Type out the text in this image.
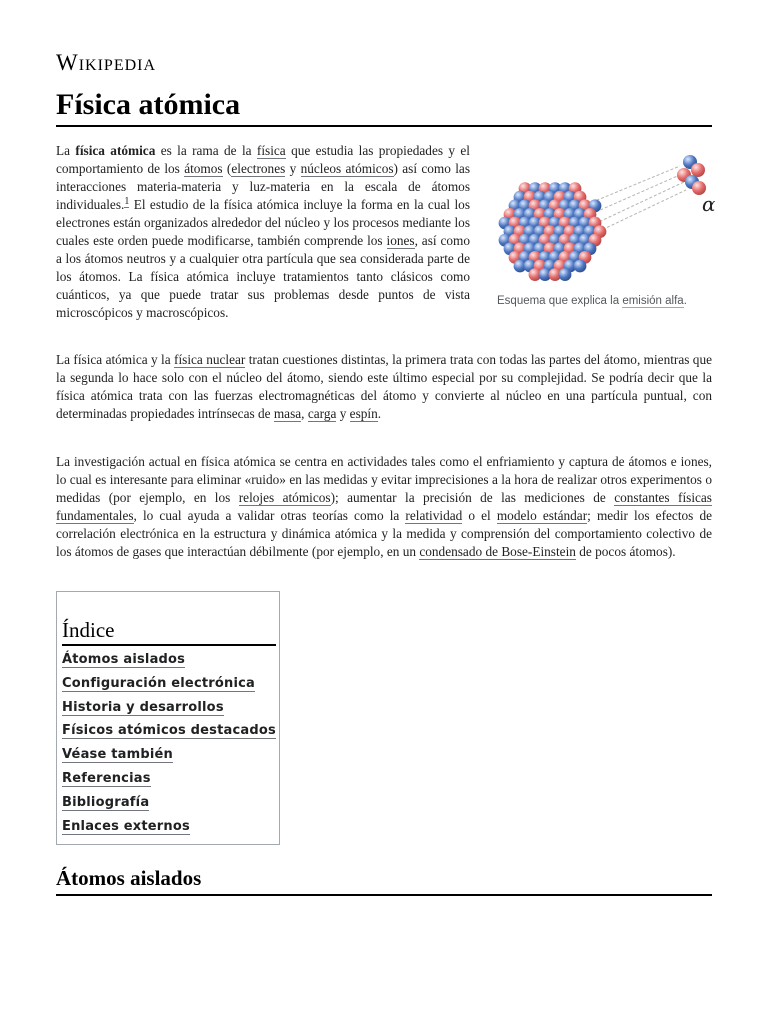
Wikipedia
Física atómica

La física atómica es la rama de la física que estudia las propiedades y el comportamiento de los átomos (electrones y núcleos atómicos) así como las interacciones materia-materia y luz-materia en la escala de átomos individuales.$^1$ El estudio de la física atómica incluye la forma en la cual los electrones están organizados alrededor del núcleo y los procesos mediante los cuales este orden puede modificarse, también comprende los iones, así como a los átomos neutros y a cualquier otra partícula que sea considerada parte de los átomos. La física atómica incluye tratamientos tanto clásicos como cuánticos, ya que puede tratar sus problemas desde puntos de vista microscópicos y macroscópicos.

α
Esquema que explica la emisión alfa.

La física atómica y la física nuclear tratan cuestiones distintas, la primera trata con todas las partes del átomo, mientras que la segunda lo hace solo con el núcleo del átomo, siendo este último especial por su complejidad. Se podría decir que la física atómica trata con las fuerzas electromagnéticas del átomo y convierte al núcleo en una partícula puntual, con determinadas propiedades intrínsecas de masa, carga y espín.

La investigación actual en física atómica se centra en actividades tales como el enfriamiento y captura de átomos e iones, lo cual es interesante para eliminar «ruido» en las medidas y evitar imprecisiones a la hora de realizar otros experimentos o medidas (por ejemplo, en los relojes atómicos); aumentar la precisión de las mediciones de constantes físicas fundamentales, lo cual ayuda a validar otras teorías como la relatividad o el modelo estándar; medir los efectos de correlación electrónica en la estructura y dinámica atómica y la medida y comprensión del comportamiento colectivo de los átomos de gases que interactúan débilmente (por ejemplo, en un condensado de Bose-Einstein de pocos átomos).

Índice
Átomos aislados
Configuración electrónica
Historia y desarrollos
Físicos atómicos destacados
Véase también
Referencias
Bibliografía
Enlaces externos
Átomos aislados
